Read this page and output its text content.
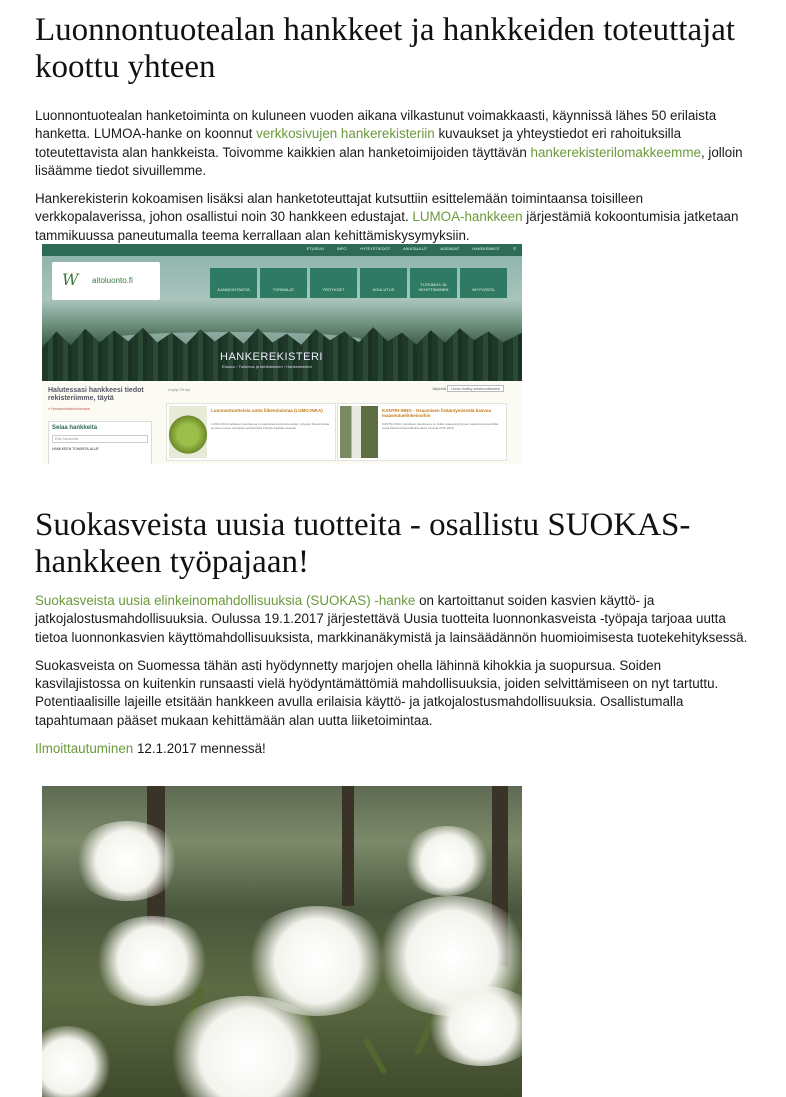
Luonnontuotealan hankkeet ja hankkeiden toteuttajat koottu yhteen

Luonnontuotealan hanketoiminta on kuluneen vuoden aikana vilkastunut voimakkaasti, käynnissä lähes 50 erilaista hanketta. LUMOA-hanke on koonnut verkkosivujen hankerekisteriin kuvaukset ja yhteystiedot eri rahoituksilla toteutettavista alan hankkeista. Toivomme kaikkien alan hanketoimijoiden täyttävän hankerekisterilomakkeemme, jolloin lisäämme tiedot sivuillemme.

Hankerekisterin kokoamisen lisäksi alan hanketoteuttajat kutsuttiin esittelemään toimintaansa toisilleen verkkopalaverissa, johon osallistui noin 30 hankkeen edustajat. LUMOA-hankkeen järjestämiä kokoontumisia jatketaan tammikuussa paneutumalla teema kerrallaan alan kehittämiskysymyksiin.

ETUSIVU	INFO	YHTEYSTIEDOT	AIKATAULUT	AGENDAT	HAKEKEMKOT	⚲
W aitoluonto.fi
AJANKOHTAISTA	TORMALAT	YRITYKSET	KOULUTUS
TUTKIMUS JA KEHITTÄMINEN	MYYVOSTA
HANKEREKISTERI
Etusivu › Tutkimus ja kehittäminen › Hankerekisteri
Halutessasi hankkeesi tiedot rekisteriimme, täytä
» Hankerekisterilomake
Selaa hankkeita
Etsi hanketta
HANKKEEN TOIMINTA-ALUE
Löytyi 29 kpl	Järjestä Uusin lisätty ensimmäiseksi
Luonnontuotteista uutta liiketoimintaa (LUMO-INKA)
LUMO-INKA-hankkeen tavoitteena on kasvattaa luonnontuotealan yritysten liiketoimintaa ja tukea uusien tuotteiden kehittämistä Pohjois-Karjalan alueella.
KANTRI-INNO - Osaamisen lisääntymisestä kasvua maaseutuelinkeinoihin
KANTRI-INNO -hankkeen tavoitteena on lisätä maaseutuyritysten osaamista ja kehittää uusia liiketoimintamahdollisuuksia vuosina 2015-2018.
Suokasveista uusia tuotteita - osallistu SUOKAS-hankkeen työpajaan!

Suokasveista uusia elinkeinomahdollisuuksia (SUOKAS) -hanke on kartoittanut soiden kasvien käyttö- ja jatkojalostusmahdollisuuksia. Oulussa 19.1.2017 järjestettävä Uusia tuotteita luonnonkasveista -työpaja tarjoaa uutta tietoa luonnonkasvien käyttömahdollisuuksista, markkinanäkymistä ja lainsäädännön huomioimisesta tuotekehityksessä.

Suokasveista on Suomessa tähän asti hyödynnetty marjojen ohella lähinnä kihokkia ja suopursua. Soiden kasvilajistossa on kuitenkin runsaasti vielä hyödyntämättömiä mahdollisuuksia, joiden selvittämiseen on nyt tartuttu. Potentiaalisille lajeille etsitään hankkeen avulla erilaisia käyttö- ja jatkojalostusmahdollisuuksia. Osallistumalla tapahtumaan pääset mukaan kehittämään alan uutta liiketoimintaa.

Ilmoittautuminen 12.1.2017 mennessä!
